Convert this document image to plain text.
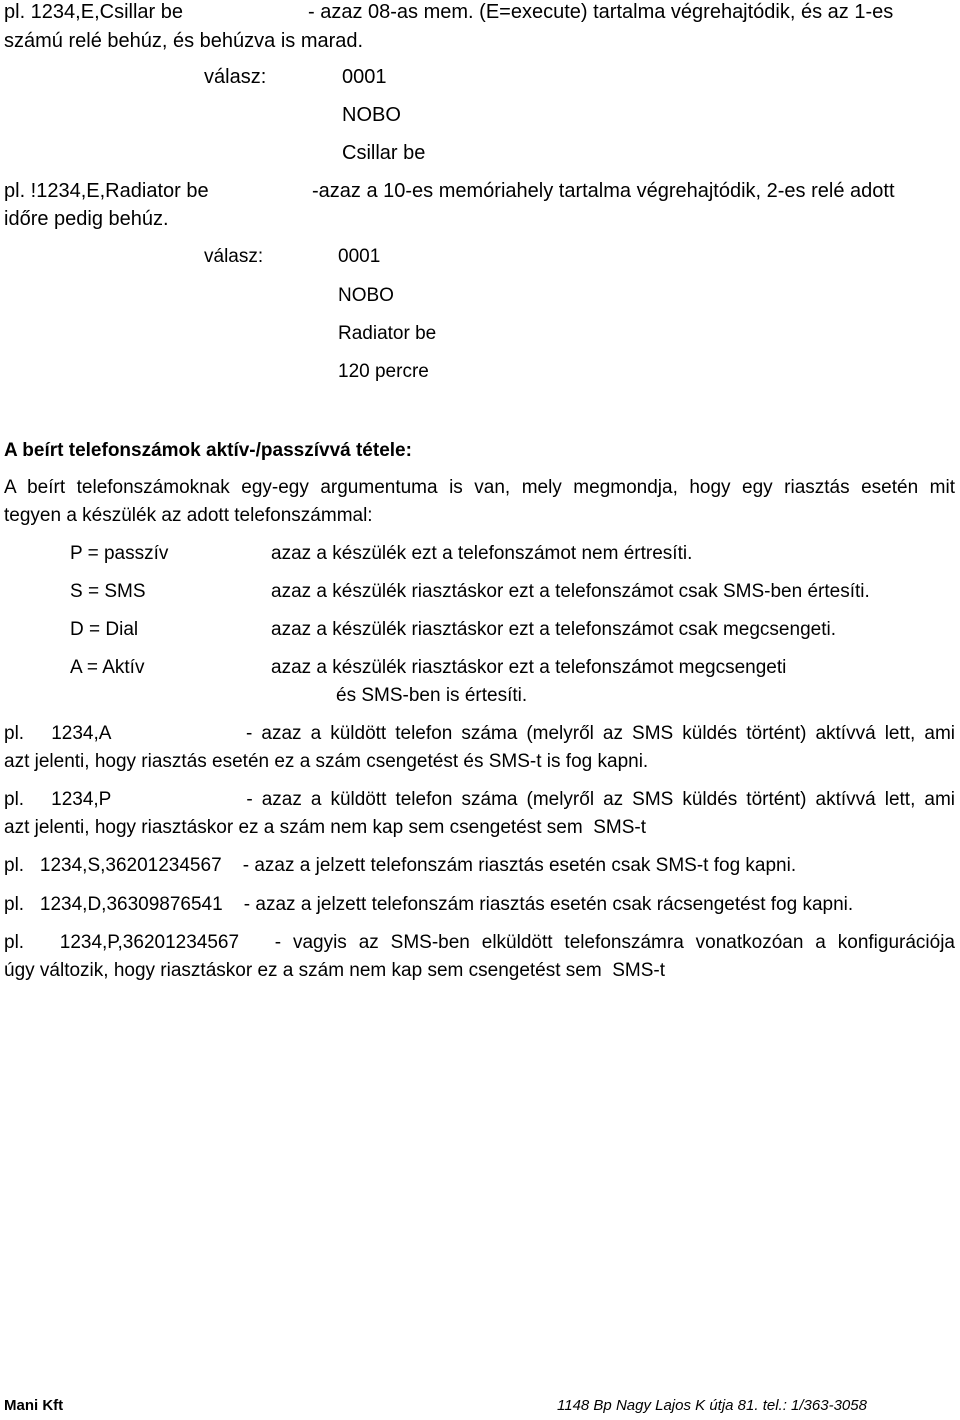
pl. 1234,E,Csillar be	- azaz 08-as mem. (E=execute) tartalma végrehajtódik, és az 1-es
számú relé behúz, és behúzva is marad.
válasz:	0001
NOBO
Csillar be
pl. !1234,E,Radiator be	-azaz a 10-es memóriahely tartalma végrehajtódik, 2-es relé adott
időre pedig behúz.
válasz:	0001
NOBO
Radiator be
120 percre
A beírt telefonszámok aktív-/passzívvá tétele:
A beírt telefonszámoknak egy-egy argumentuma is van, mely megmondja, hogy egy riasztás esetén mit
tegyen a készülék az adott telefonszámmal:
P = passzív	azaz a készülék ezt a telefonszámot nem értresíti.
S = SMS	azaz a készülék riasztáskor ezt a telefonszámot csak SMS-ben értesíti.
D = Dial	azaz a készülék riasztáskor ezt a telefonszámot csak megcsengeti.
A = Aktív	azaz a készülék riasztáskor ezt a telefonszámot megcsengeti
és SMS-ben is értesíti.
pl.   1234,A               - azaz a küldött telefon száma (melyről az SMS küldés történt) aktívvá lett, ami
azt jelenti, hogy riasztás esetén ez a szám csengetést és SMS-t is fog kapni.
pl.   1234,P               - azaz a küldött telefon száma (melyről az SMS küldés történt) aktívvá lett, ami
azt jelenti, hogy riasztáskor ez a szám nem kap sem csengetést sem  SMS-t
pl.   1234,S,36201234567    - azaz a jelzett telefonszám riasztás esetén csak SMS-t fog kapni.
pl.   1234,D,36309876541    - azaz a jelzett telefonszám riasztás esetén csak rácsengetést fog kapni.
pl.   1234,P,36201234567   - vagyis az SMS-ben elküldött telefonszámra vonatkozóan a konfigurációja
úgy változik, hogy riasztáskor ez a szám nem kap sem csengetést sem  SMS-t
Mani Kft	1148 Bp Nagy Lajos K útja 81. tel.: 1/363-3058
